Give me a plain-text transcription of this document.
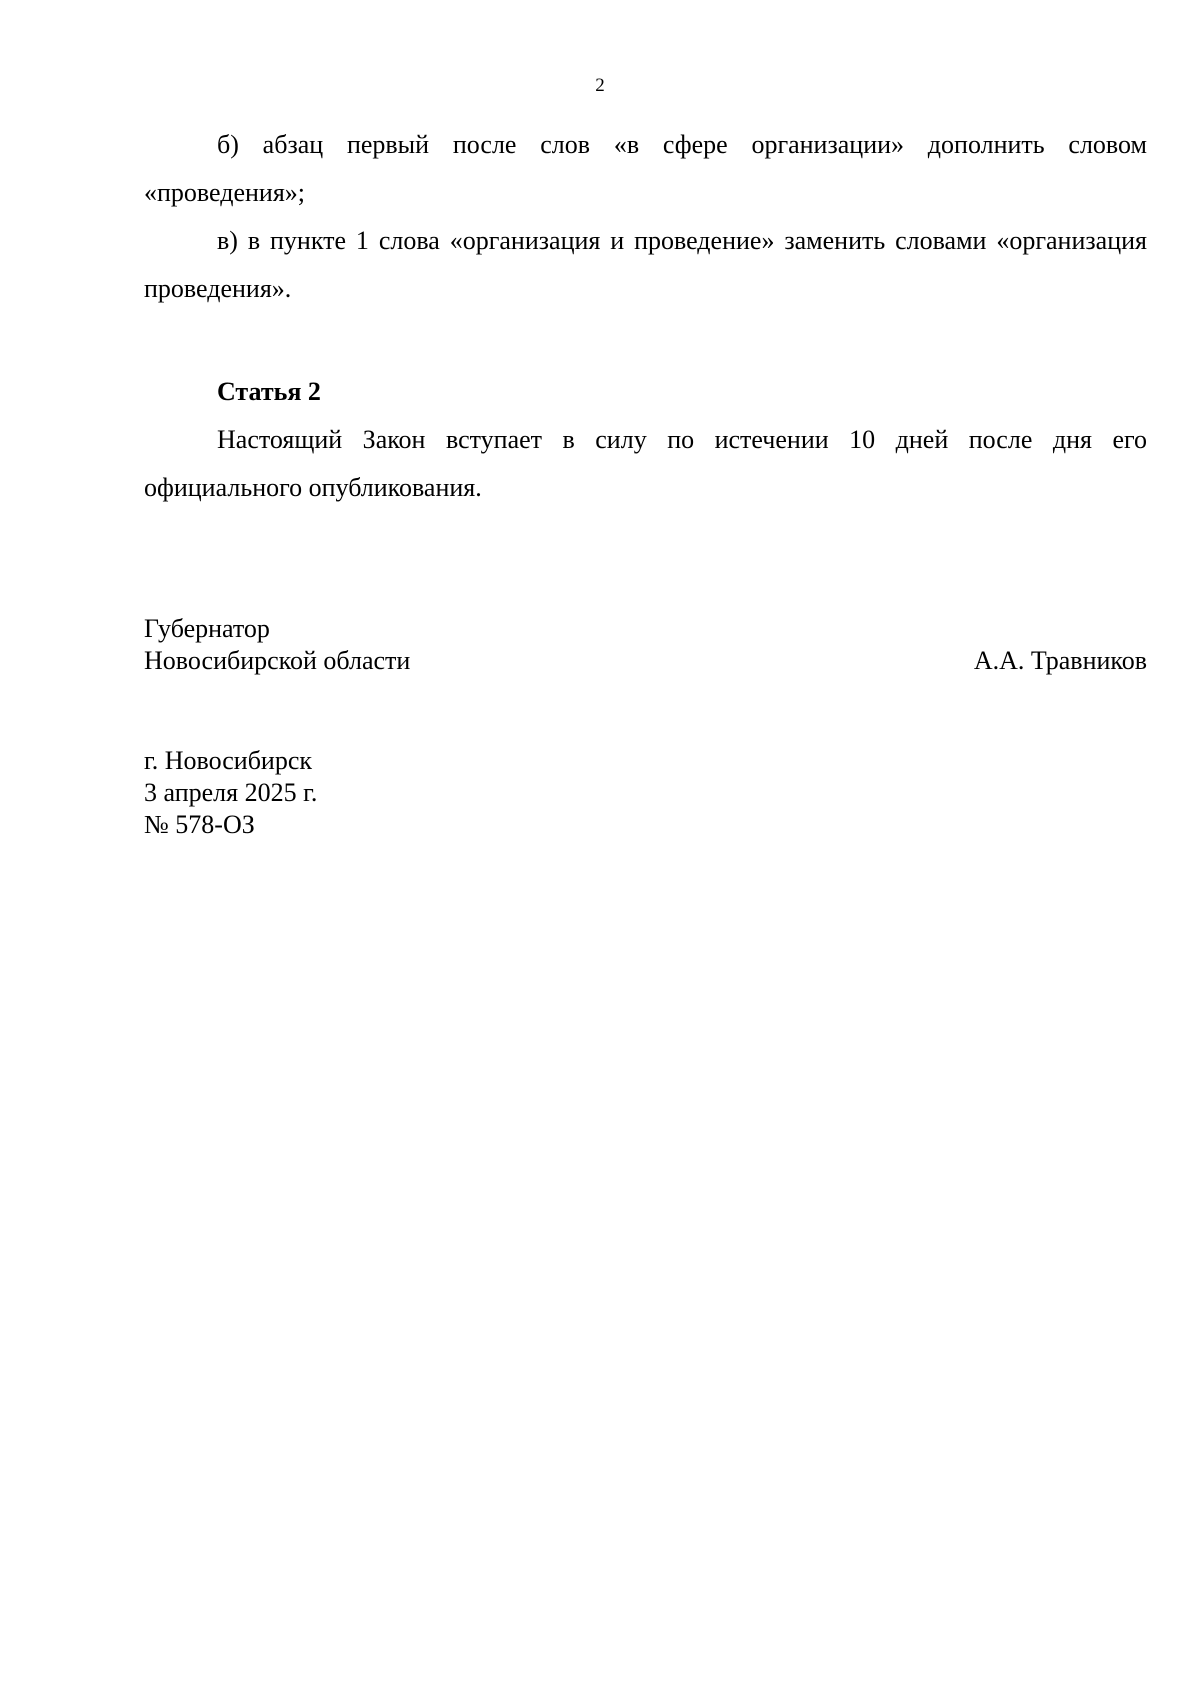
2

б) абзац первый после слов «в сфере организации» дополнить словом «проведения»;

в) в пункте 1 слова «организация и проведение» заменить словами «организация проведения».

Статья 2

Настоящий Закон вступает в силу по истечении 10 дней после дня его официального опубликования.

Губернатор
Новосибирской области	А.А. Травников
г. Новосибирск
3 апреля 2025 г.
№ 578-ОЗ
